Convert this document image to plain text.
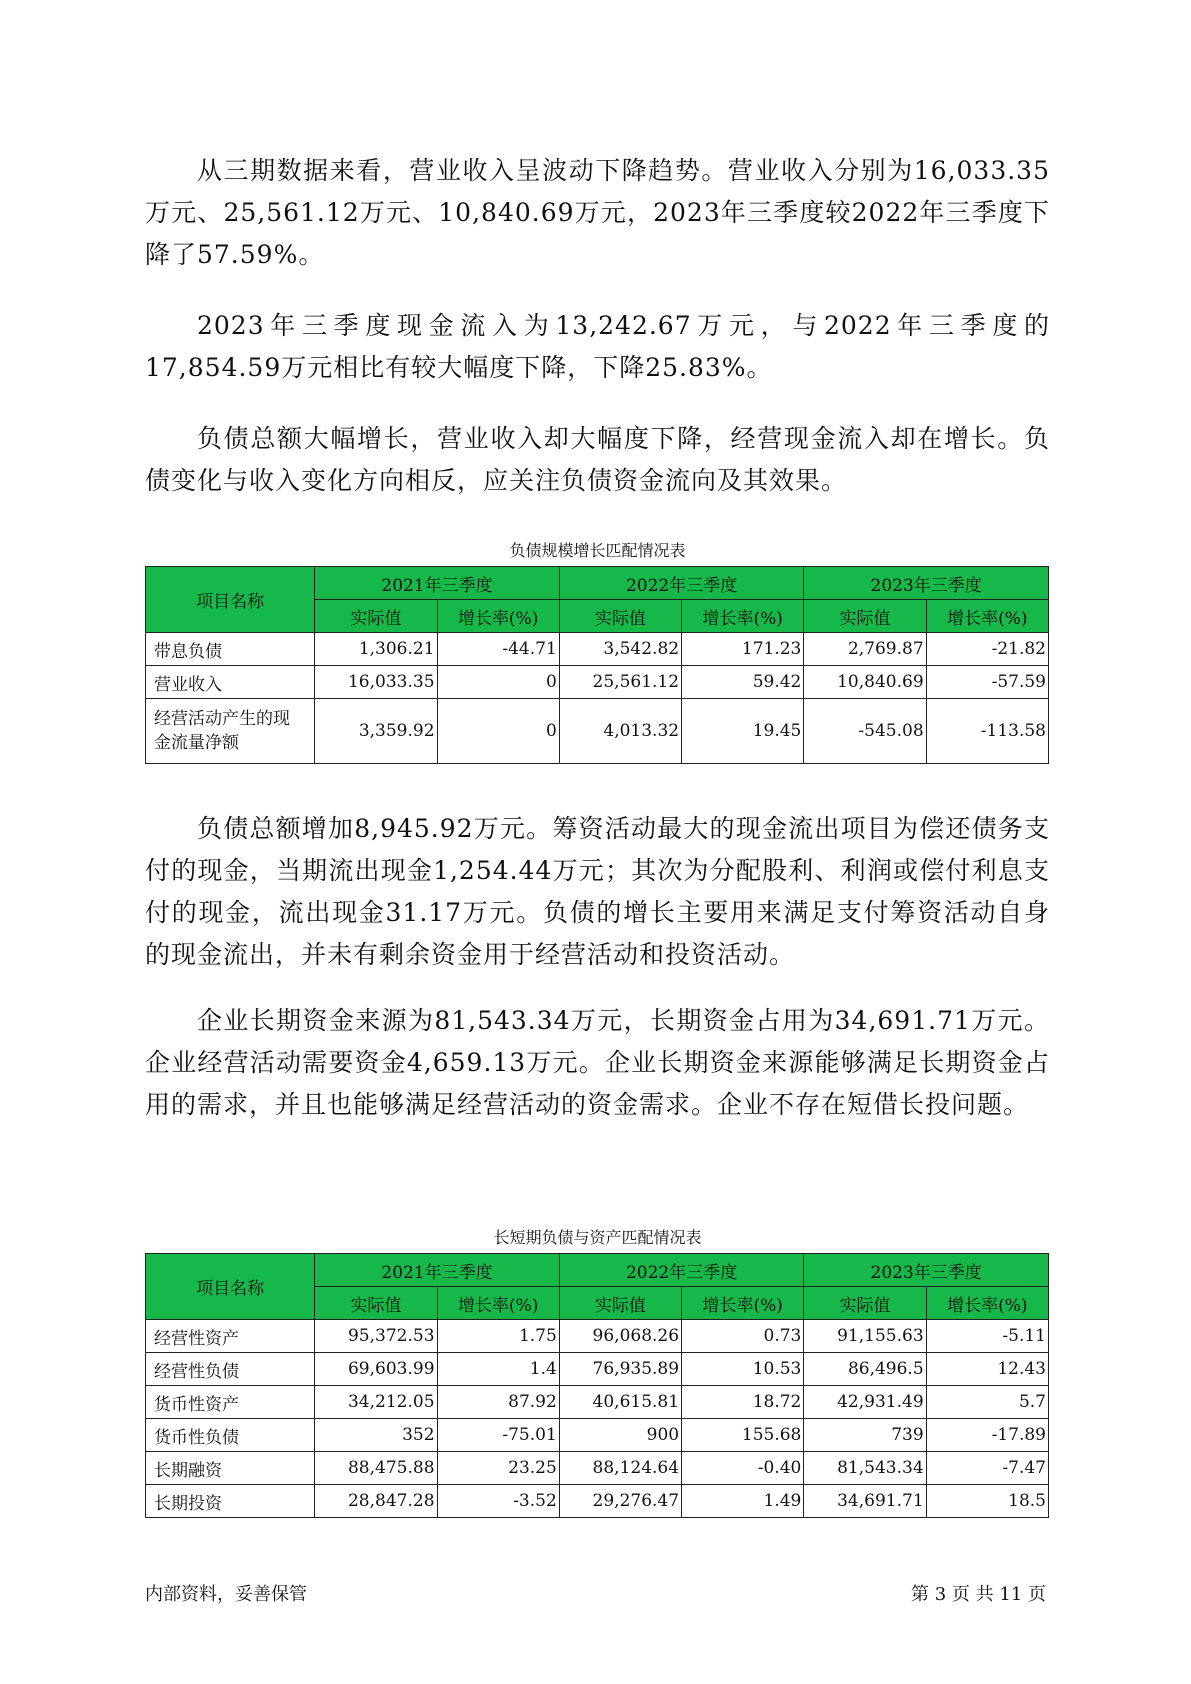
从三期数据来看，营业收入呈波动下降趋势。营业收入分别为16,033.35万元、25,561.12万元、10,840.69万元，2023年三季度较2022年三季度下降了57.59%。

2023年三季度现金流入为13,242.67万元，与2022年三季度的17,854.59万元相比有较大幅度下降，下降25.83%。

负债总额大幅增长，营业收入却大幅度下降，经营现金流入却在增长。负债变化与收入变化方向相反，应关注负债资金流向及其效果。

负债规模增长匹配情况表
项目名称	2021年三季度		2022年三季度		2023年三季度	
	实际值	增长率(%)	实际值	增长率(%)	实际值	增长率(%)
带息负债	1,306.21	-44.71	3,542.82	171.23	2,769.87	-21.82
营业收入	16,033.35	0	25,561.12	59.42	10,840.69	-57.59
经营活动产生的现
金流量净额	3,359.92	0	4,013.32	19.45	-545.08	-113.58

负债总额增加8,945.92万元。筹资活动最大的现金流出项目为偿还债务支付的现金，当期流出现金1,254.44万元；其次为分配股利、利润或偿付利息支付的现金，流出现金31.17万元。负债的增长主要用来满足支付筹资活动自身的现金流出，并未有剩余资金用于经营活动和投资活动。

企业长期资金来源为81,543.34万元，长期资金占用为34,691.71万元。企业经营活动需要资金4,659.13万元。企业长期资金来源能够满足长期资金占用的需求，并且也能够满足经营活动的资金需求。企业不存在短借长投问题。

长短期负债与资产匹配情况表
项目名称	2021年三季度		2022年三季度		2023年三季度	
	实际值	增长率(%)	实际值	增长率(%)	实际值	增长率(%)
经营性资产	95,372.53	1.75	96,068.26	0.73	91,155.63	-5.11
经营性负债	69,603.99	1.4	76,935.89	10.53	86,496.5	12.43
货币性资产	34,212.05	87.92	40,615.81	18.72	42,931.49	5.7
货币性负债	352	-75.01	900	155.68	739	-17.89
长期融资	88,475.88	23.25	88,124.64	-0.40	81,543.34	-7.47
长期投资	28,847.28	-3.52	29,276.47	1.49	34,691.71	18.5
内部资料，妥善保管	第 3 页 共 11 页
